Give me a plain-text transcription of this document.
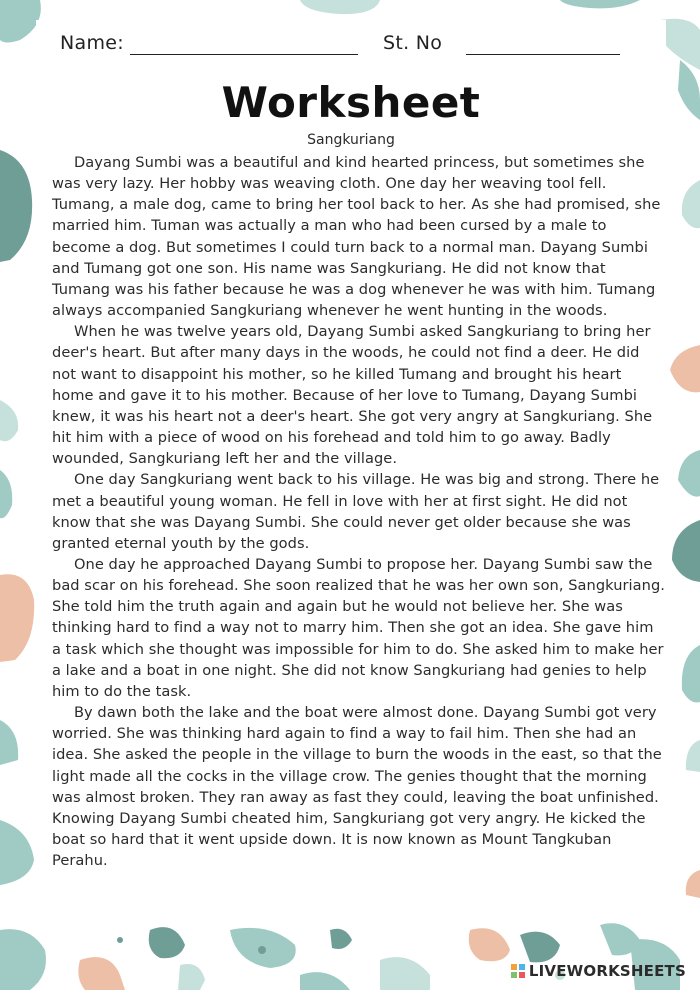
Name:	St. No
Worksheet
Sangkuriang

Dayang Sumbi was a beautiful and kind hearted princess, but sometimes she was very lazy. Her hobby was weaving cloth. One day her weaving tool fell. Tumang, a male dog, came to bring her tool back to her. As she had promised, she married him. Tuman was actually a man who had been cursed by a male to become a dog. But sometimes I could turn back to a normal man. Dayang Sumbi and Tumang got one son. His name was Sangkuriang. He did not know that Tumang was his father because he was a dog whenever he was with him. Tumang always accompanied Sangkuriang whenever he went hunting in the woods.

When he was twelve years old, Dayang Sumbi asked Sangkuriang to bring her deer's heart. But after many days in the woods, he could not find a deer. He did not want to disappoint his mother, so he killed Tumang and brought his heart home and gave it to his mother. Because of her love to Tumang, Dayang Sumbi knew, it was his heart not a deer's heart. She got very angry at Sangkuriang. She hit him with a piece of wood on his forehead and told him to go away. Badly wounded, Sangkuriang left her and the village.

One day Sangkuriang went back to his village. He was big and strong. There he met a beautiful young woman. He fell in love with her at first sight. He did not know that she was Dayang Sumbi. She could never get older because she was granted eternal youth by the gods.

One day he approached Dayang Sumbi to propose her. Dayang Sumbi saw the bad scar on his forehead. She soon realized that he was her own son, Sangkuriang. She told him the truth again and again but he would not believe her. She was thinking hard to find a way not to marry him. Then she got an idea. She gave him a task which she thought was impossible for him to do. She asked him to make her a lake and a boat in one night. She did not know Sangkuriang had genies to help him to do the task.

By dawn both the lake and the boat were almost done. Dayang Sumbi got very worried. She was thinking hard again to find a way to fail him. Then she had an idea. She asked the people in the village to burn the woods in the east, so that the light made all the cocks in the village crow. The genies thought that the morning was almost broken. They ran away as fast they could, leaving the boat unfinished. Knowing Dayang Sumbi cheated him, Sangkuriang got very angry. He kicked the boat so hard that it went upside down. It is now known as Mount Tangkuban Perahu.

LIVEWORKSHEETS
